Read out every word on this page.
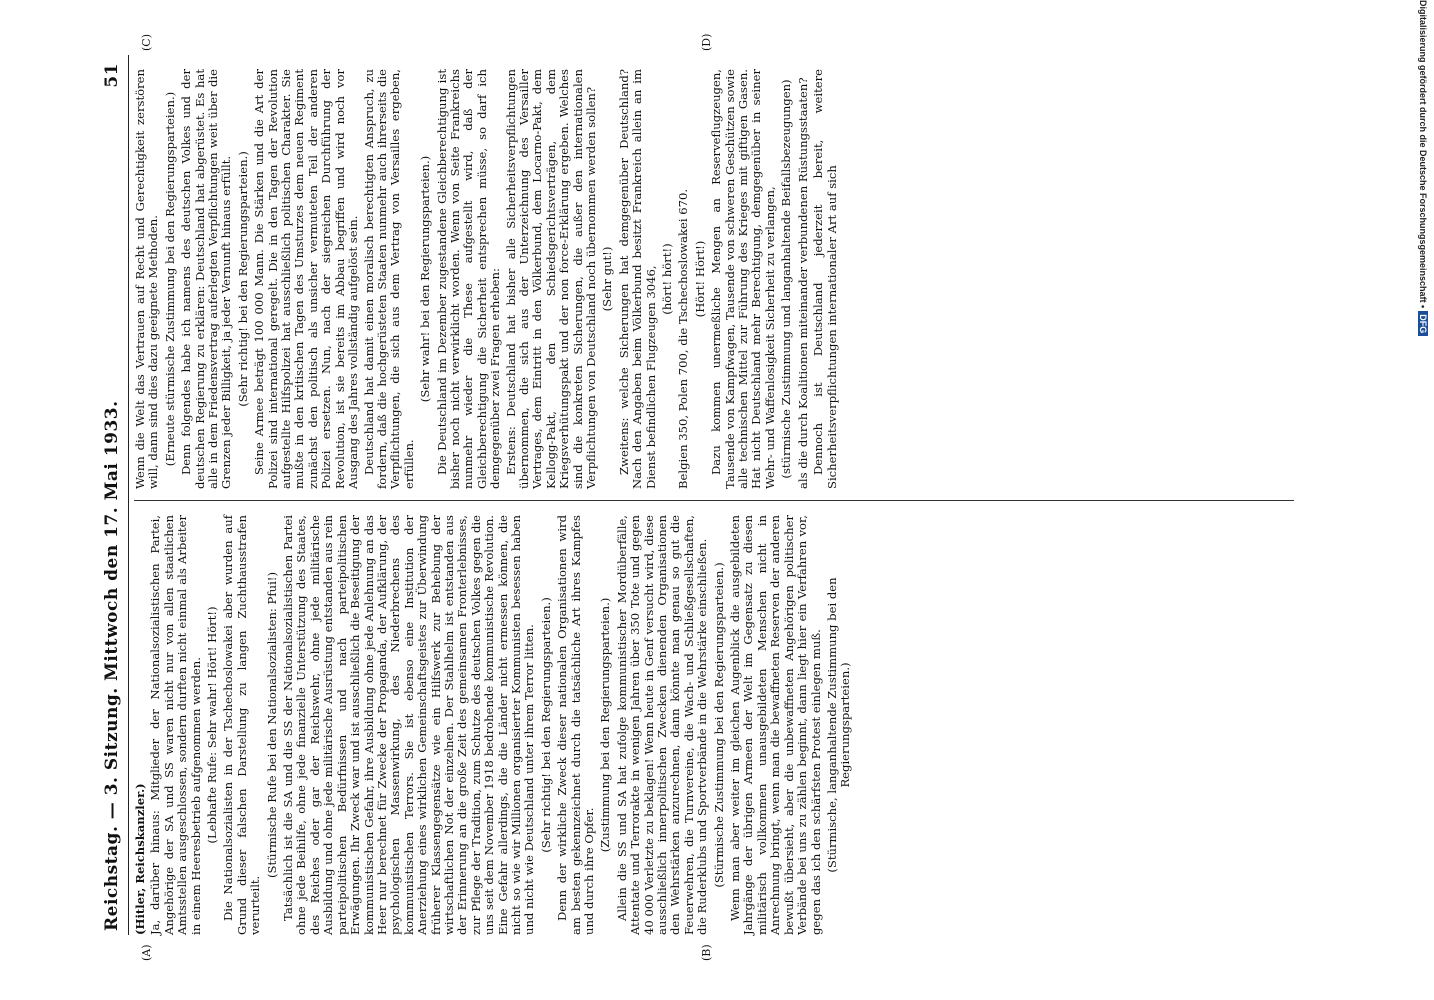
Reichstag. — 3. Sitzung. Mittwoch den 17. Mai 1933.
51

(Hitler, Reichskanzler.) Ja, darüber hinaus: Mitglieder der Nationalsozialistischen Partei, Angehörige der SA und SS waren nicht nur von allen staatlichen Amtsstellen ausgeschlossen, sondern durften nicht einmal als Arbeiter in einem Heeresbetrieb aufgenommen werden. (Lebhafte Rufe: Sehr wahr! Hört! Hört!) Die Nationalsozialisten in der Tschechoslowakei aber wurden auf Grund dieser falschen Darstellung zu langen Zuchthausstrafen verurteilt.

(Stürmische Rufe bei den Nationalsozialisten: Pfui!) Tatsächlich ist die SA und die SS der Nationalsozialistischen Partei ohne jede Beihilfe, ohne jede finanzielle Unterstützung des Staates, des Reiches oder gar der Reichswehr, ohne jede militärische Ausbildung und ohne jede militärische Ausrüstung entstanden aus rein parteipolitischen Bedürfnissen und nach parteipolitischen Erwägungen. Ihr Zweck war und ist ausschließlich die Beseitigung der kommunistischen Gefahr, ihre Ausbildung ohne jede Anlehnung an das Heer nur berechnet für Zwecke der Propaganda, der Aufklärung, der psychologischen Massenwirkung, des Niederbrechens des kommunistischen Terrors. Sie ist ebenso eine Institution der Anerziehung eines wirklichen Gemeinschaftsgeistes zur Überwindung früherer Klassengegensätze wie ein Hilfswerk zur Behebung der wirtschaftlichen Not der einzelnen. Der Stahlhelm ist entstanden aus der Erinnerung an die große Zeit des gemeinsamen Fronterlebnisses, zur Pflege der Tradition, zum Schutze des deutschen Volkes gegen die uns seit dem November 1918 bedrohende kommunistische Revolution. Eine Gefahr allerdings, die die Länder nicht ermessen können, die nicht so wie wir Millionen organisierter Kommunisten besessen haben und nicht wie Deutschland unter ihrem Terror litten. (Sehr richtig! bei den Regierungsparteien.) Denn der wirkliche Zweck dieser nationalen Organisationen wird am besten gekennzeichnet durch die tatsächliche Art ihres Kampfes und durch ihre Opfer.

(Zustimmung bei den Regierungsparteien.) Allein die SS und SA hat zufolge kommunistischer Mordüberfälle, Attentate und Terrorakte in wenigen Jahren über 350 Tote und gegen 40 000 Verletzte zu beklagen! Wenn heute in Genf versucht wird, diese ausschließlich innerpolitischen Zwecken dienenden Organisationen den Wehrstärken anzurechnen, dann könnte man genau so gut die Feuerwehren, die Turnvereine, die Wach- und Schließgesellschaften, die Ruderklubs und Sportverbände in die Wehrstärke einschließen. (Stürmische Zustimmung bei den Regierungsparteien.) Wenn man aber weiter im gleichen Augenblick die ausgebildeten Jahrgänge der übrigen Armeen der Welt im Gegensatz zu diesen militärisch vollkommen unausgebildeten Menschen nicht in Anrechnung bringt, wenn man die bewaffneten Reserven der anderen bewußt übersieht, aber die unbewaffneten Angehörigen politischer Verbände bei uns zu zählen beginnt, dann liegt hier ein Verfahren vor, gegen das ich den schärfsten Protest einlegen muß. (Stürmische, langanhaltende Zustimmung bei den Regierungsparteien.)

Wenn die Welt das Vertrauen auf Recht und Gerechtigkeit zerstören will, dann sind dies dazu geeignete Methoden. (Erneute stürmische Zustimmung bei den Regierungsparteien.) Denn folgendes habe ich namens des deutschen Volkes und der deutschen Regierung zu erklären: Deutschland hat abgerüstet. Es hat alle in dem Friedensvertrag auferlegten Verpflichtungen weit über die Grenzen jeder Billigkeit, ja jeder Vernunft hinaus erfüllt. (Sehr richtig! bei den Regierungsparteien.) Seine Armee beträgt 100 000 Mann. Die Stärken und die Art der Polizei sind international geregelt. Die in den Tagen der Revolution aufgestellte Hilfspolizei hat ausschließlich politischen Charakter. Sie mußte in den kritischen Tagen des Umsturzes dem neuen Regiment zunächst den politisch als unsicher vermuteten Teil der anderen Polizei ersetzen. Nun, nach der siegreichen Durchführung der Revolution, ist sie bereits im Abbau begriffen und wird noch vor Ausgang des Jahres vollständig aufgelöst sein. Deutschland hat damit einen moralisch berechtigten Anspruch, zu fordern, daß die hochgerüsteten Staaten nunmehr auch ihrerseits die Verpflichtungen, die sich aus dem Vertrag von Versailles ergeben, erfüllen.

(Sehr wahr! bei den Regierungsparteien.) Die Deutschland im Dezember zugestandene Gleichberechtigung ist bisher noch nicht verwirklicht worden. Wenn von Seite Frankreichs nunmehr wieder die These aufgestellt wird, daß der Gleichberechtigung die Sicherheit entsprechen müsse, so darf ich demgegenüber zwei Fragen erheben: Erstens: Deutschland hat bisher alle Sicherheitsverpflichtungen übernommen, die sich aus der Unterzeichnung des Versailler Vertrages, dem Eintritt in den Völkerbund, dem Locarno-Pakt, dem Kellogg-Pakt, den Schiedsgerichtsverträgen, dem Kriegsverhütungspakt und der non force-Erklärung ergeben. Welches sind die konkreten Sicherungen, die außer den internationalen Verpflichtungen von Deutschland noch übernommen werden sollen? (Sehr gut!) Zweitens: welche Sicherungen hat demgegenüber Deutschland? Nach den Angaben beim Völkerbund besitzt Frankreich allein an im Dienst befindlichen Flugzeugen 3046, (hört! hört!) Belgien 350, Polen 700, die Tschechoslowakei 670. (Hört! Hört!) Dazu kommen unermeßliche Mengen an Reserveflugzeugen, Tausende von Kampfwagen, Tausende von schweren Geschützen sowie alle technischen Mittel zur Führung des Krieges mit giftigen Gasen. Hat nicht Deutschland mehr Berechtigung, demgegenüber in seiner Wehr- und Waffenlosigkeit Sicherheit zu verlangen, (stürmische Zustimmung und langanhaltende Beifallsbezeugungen) als die durch Koalitionen miteinander verbundenen Rüstungsstaaten? Dennoch ist Deutschland jederzeit bereit, weitere Sicherheitsverpflichtungen internationaler Art auf sich

(A)	(B)
(C)	(D)	Digitalisierung gefördert durch die Deutsche Forschungsgemeinschaft •DFG
